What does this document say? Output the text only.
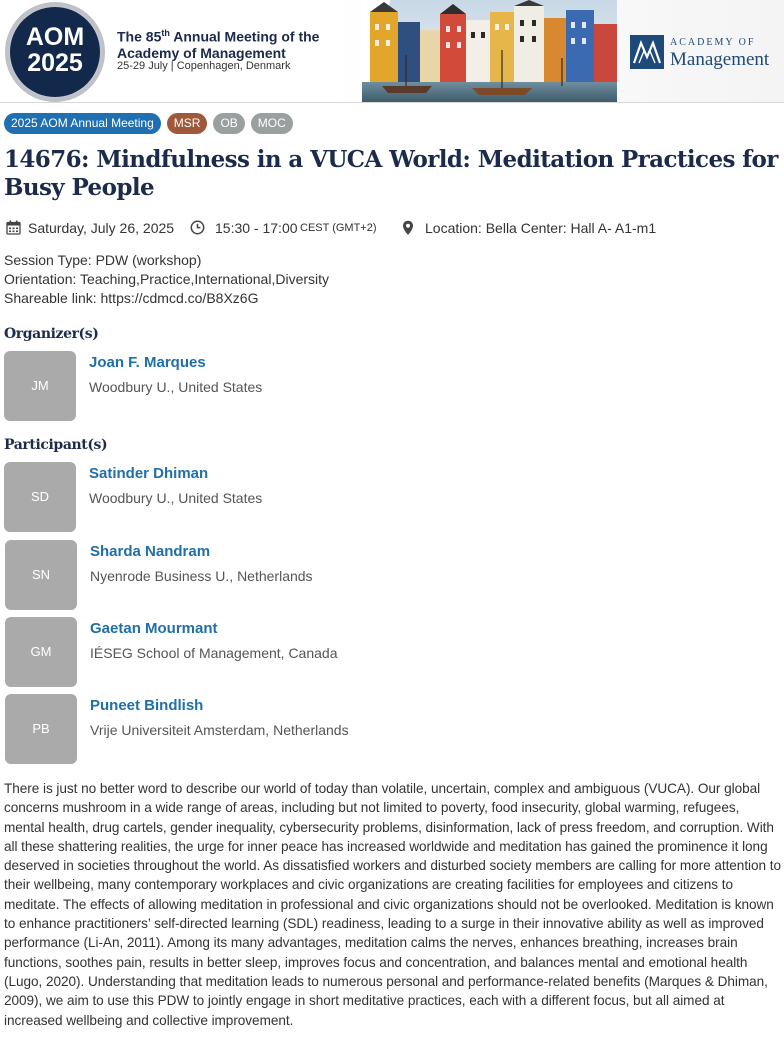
AOM
2025
The 85th Annual Meeting of the Academy of Management
25-29 July | Copenhagen, Denmark
ACADEMY OF
Management
2025 AOM Annual Meeting	MSR	OB	MOC
14676: Mindfulness in a VUCA World: Meditation Practices for Busy People
Saturday, July 26, 2025	15:30 - 17:00 CEST (GMT+2)	Location: Bella Center: Hall A- A1-m1
Session Type: PDW (workshop)
Orientation: Teaching,Practice,International,Diversity
Shareable link: https://cdmcd.co/B8Xz6G
Organizer(s)
JM
Joan F. Marques
Woodbury U., United States
Participant(s)
SD
Satinder Dhiman
Woodbury U., United States
SN
Sharda Nandram
Nyenrode Business U., Netherlands
GM
Gaetan Mourmant
IÉSEG School of Management, Canada
PB
Puneet Bindlish
Vrije Universiteit Amsterdam, Netherlands

There is just no better word to describe our world of today than volatile, uncertain, complex and ambiguous (VUCA). Our global concerns mushroom in a wide range of areas, including but not limited to poverty, food insecurity, global warming, refugees, mental health, drug cartels, gender inequality, cybersecurity problems, disinformation, lack of press freedom, and corruption. With all these shattering realities, the urge for inner peace has increased worldwide and meditation has gained the prominence it long deserved in societies throughout the world. As dissatisfied workers and disturbed society members are calling for more attention to their wellbeing, many contemporary workplaces and civic organizations are creating facilities for employees and citizens to meditate. The effects of allowing meditation in professional and civic organizations should not be overlooked. Meditation is known to enhance practitioners’ self-directed learning (SDL) readiness, leading to a surge in their innovative ability as well as improved performance (Li-An, 2011). Among its many advantages, meditation calms the nerves, enhances breathing, increases brain functions, soothes pain, results in better sleep, improves focus and concentration, and balances mental and emotional health (Lugo, 2020). Understanding that meditation leads to numerous personal and performance-related benefits (Marques & Dhiman, 2009), we aim to use this PDW to jointly engage in short meditative practices, each with a different focus, but all aimed at increased wellbeing and collective improvement.
